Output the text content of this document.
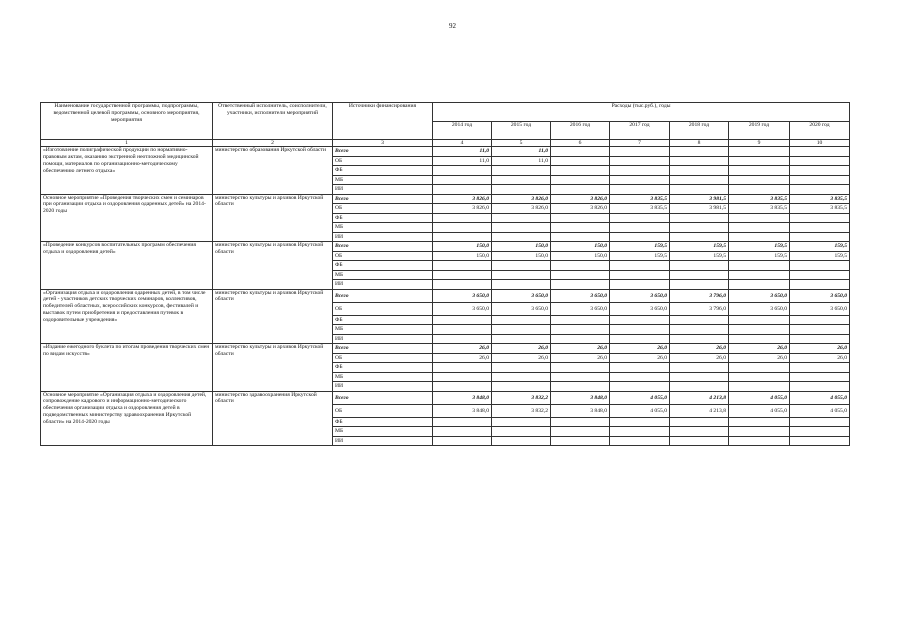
92
Наименование государственной программы, подпрограммы, ведомственной целевой программы, основного мероприятия, мероприятия	Ответственный исполнитель, соисполнители, участники, исполнители мероприятий	Источники финансирования	Расходы (тыс.руб.), годы						
			2014 год	2015 год	2016 год	2017 год	2018 год	2019 год	2020 год
1	2	3	4	5	6	7	8	9	10
«Изготовление полиграфической продукции по нормативно-правовым актам, оказанию экстренной неотложной медицинской помощи, материалов по организационно-методическому обеспечению летнего отдыха»	министерство образования Иркутской области	Всего	11,0	11,0					
		ОБ	11,0	11,0					
		ФБ							
		МБ							
		ИИ							
Основное мероприятие «Проведения творческих смен и семинаров при организации отдыха и оздоровления одаренных детей» на 2014-2020 годы	министерство культуры и архивов Иркутской области	Всего	3 826,0	3 826,0	3 826,0	3 835,5	3 981,5	3 835,5	3 835,5
		ОБ	3 826,0	3 826,0	3 826,0	3 835,5	3 981,5	3 835,5	3 835,5
		ФБ							
		МБ							
		ИИ							
«Проведение конкурсов воспитательных программ обеспечения отдыха и оздоровления детей»	министерство культуры и архивов Иркутской области	Всего	150,0	150,0	150,0	159,5	159,5	159,5	159,5
		ОБ	150,0	150,0	150,0	159,5	159,5	159,5	159,5
		ФБ							
		МБ							
		ИИ							
«Организация отдыха и оздоровления одаренных детей, в том числе детей - участников детских творческих семинаров, коллективов, победителей областных, всероссийских конкурсов, фестивалей и выставок путем приобретения и предоставления путевок в оздоровительные учреждения»	министерство культуры и архивов Иркутской области	Всего	3 650,0	3 650,0	3 650,0	3 650,0	3 796,0	3 650,0	3 650,0
		ОБ	3 650,0	3 650,0	3 650,0	3 650,0	3 796,0	3 650,0	3 650,0
		ФБ							
		МБ							
		ИИ							
«Издание ежегодного буклета по итогам проведения творческих смен по видам искусств»	министерство культуры и архивов Иркутской области	Всего	26,0	26,0	26,0	26,0	26,0	26,0	26,0
		ОБ	26,0	26,0	26,0	26,0	26,0	26,0	26,0
		ФБ							
		МБ							
		ИИ							
Основное мероприятие «Организация отдыха и оздоровления детей, сопровождение кадрового и информационно-методического обеспечения организации отдыха и оздоровления детей в подведомственных министерству здравоохранения Иркутской области» на 2014-2020 годы	министерство здравоохранения Иркутской области	Всего	3 848,0	3 832,2	3 848,0	4 055,0	4 213,8	4 055,0	4 055,0
		ОБ	3 848,0	3 832,2	3 848,0	4 055,0	4 213,8	4 055,0	4 055,0
		ФБ							
		МБ							
		ИИ							
